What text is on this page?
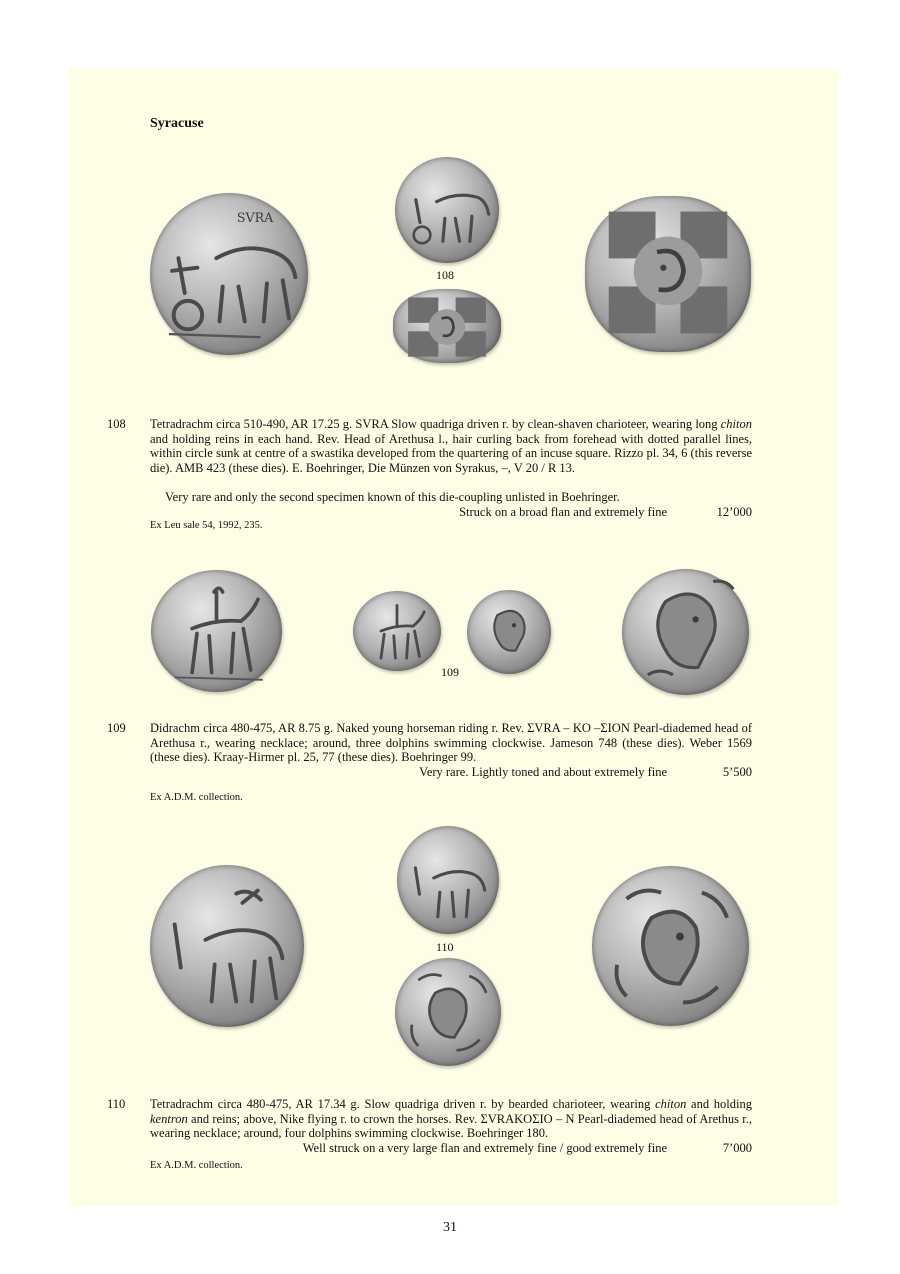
Syracuse
SVRA
108
108 Tetradrachm circa 510-490, AR 17.25 g. SVRA Slow quadriga driven r. by clean-shaven charioteer, wearing long chiton and holding reins in each hand. Rev. Head of Arethusa l., hair curling back from forehead with dotted parallel lines, within circle sunk at centre of a swastika developed from the quartering of an incuse square. Rizzo pl. 34, 6 (this reverse die). AMB 423 (these dies). E. Boehringer, Die Münzen von Syrakus, –, V 20 / R 13.
Very rare and only the second specimen known of this die-coupling unlisted in Boehringer.
Struck on a broad flan and extremely fine	12’000
Ex Leu sale 54, 1992, 235.
109
109 Didrachm circa 480-475, AR 8.75 g. Naked young horseman riding r. Rev. ΣVRA – KO –ΣΙΟΝ Pearl-diademed head of Arethusa r., wearing necklace; around, three dolphins swimming clockwise. Jameson 748 (these dies). Weber 1569 (these dies). Kraay-Hirmer pl. 25, 77 (these dies). Boehringer 99.
Very rare. Lightly toned and about extremely fine	5’500
Ex A.D.M. collection.
110
110 Tetradrachm circa 480-475, AR 17.34 g. Slow quadriga driven r. by bearded charioteer, wearing chiton and holding kentron and reins; above, Nike flying r. to crown the horses. Rev. ΣVRAKOΣIO – N Pearl-diademed head of Arethus r., wearing necklace; around, four dolphins swimming clockwise. Boehringer 180.
Well struck on a very large flan and extremely fine / good extremely fine	7’000
Ex A.D.M. collection.
31
